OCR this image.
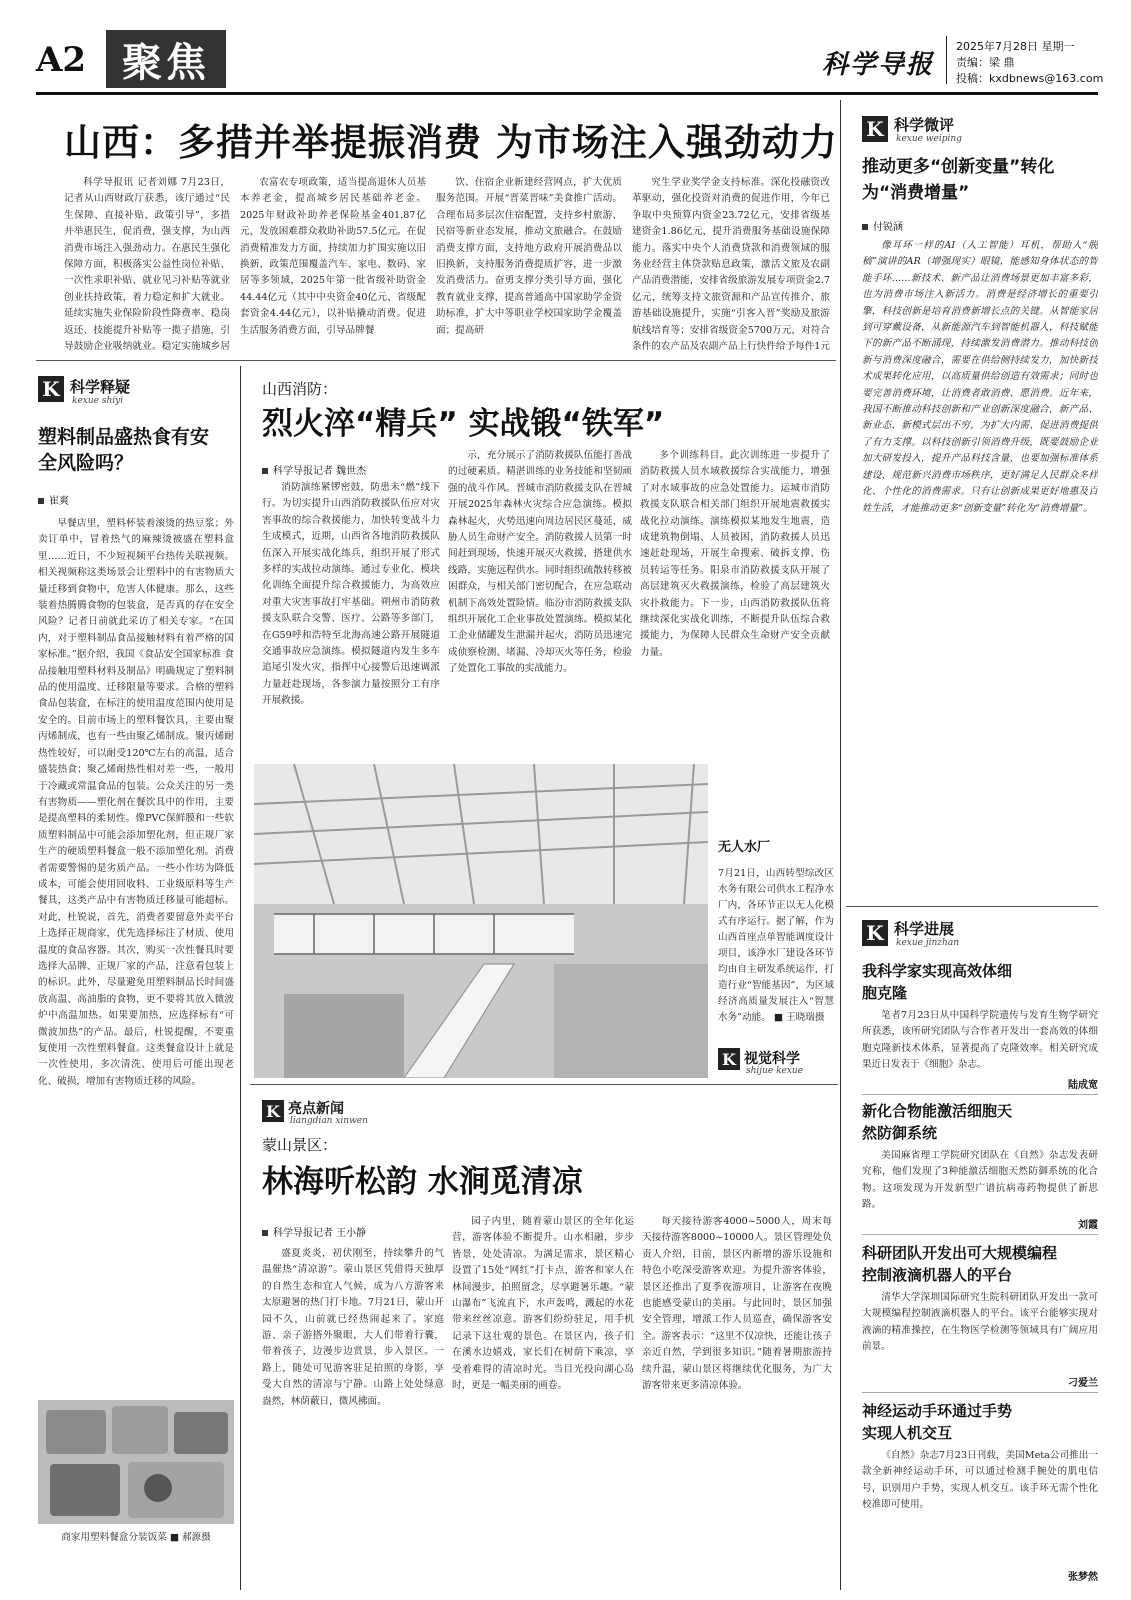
A2 聚焦	科学导报
2025年7月28日 星期一
责编：梁 鼎
投稿：kxdbnews@163.com
山西：多措并举提振消费 为市场注入强劲动力

科学导报讯 记者刘娜 7月23日，记者从山西财政厅获悉，该厅通过“民生保障、直接补贴、政策引导”，多措并举惠民生，促消费，强支撑，为山西消费市场注入强劲动力。在惠民生强化保障方面，积极落实公益性岗位补贴、一次性求职补贴、就业见习补贴等就业创业扶持政策，着力稳定和扩大就业。延续实施失业保险阶段性降费率、稳岗返还、技能提升补贴等一揽子措施，引导鼓励企业吸纳就业。稳定实施城乡居

农富农专项政策，适当提高退休人员基本养老金，提高城乡居民基础养老金。2025年财政补助养老保险基金401.87亿元，发放困难群众救助补助57.5亿元。在促消费精准发力方面，持续加力扩围实施以旧换新，政策范围覆盖汽车、家电、数码、家居等多领域，2025年第一批省级补助资金44.44亿元（其中中央资金40亿元、省级配套资金4.44亿元），以补贴撬动消费。促进生活服务消费方面，引导品牌餐

饮、住宿企业新建经营网点，扩大优质服务范围。开展“晋菜晋味”美食推广活动。合理布局多层次住宿配置，支持乡村旅游、民宿等新业态发展，推动文旅融合。在鼓励消费支撑方面，支持地方政府开展消费品以旧换新，支持服务消费提质扩容，进一步激发消费活力。奋勇支撑分类引导方面，强化教育就业支撑，提高普通高中国家助学金资助标准，扩大中等职业学校国家助学金覆盖面；提高研

究生学业奖学金支持标准。深化投融资改革驱动，强化投资对消费的促进作用，今年已争取中央预算内资金23.72亿元，安排省级基建资金1.86亿元，提升消费服务基础设施保障能力。落实中央个人消费贷款和消费领域的服务业经营主体贷款贴息政策，激活文旅及农副产品消费潜能，安排省级旅游发展专项资金2.7亿元，统筹支持文旅资源和产品宣传推介、旅游基础设施提升，实施“引客入晋”奖励及旅游航线培育等；安排省级资金5700万元，对符合条件的农产品及农副产品上行快件给予每件1元

K 科学释疑
kexue shiyi
塑料制品盛热食有安全风险吗？
崔爽

早餐店里，塑料杯装着滚烫的热豆浆；外卖订单中，冒着热气的麻辣烫被盛在塑料盒里……近日，不少短视频平台热传关联视频。相关视频称这类场景会让塑料中的有害物质大量迁移到食物中，危害人体健康。那么，这些装着热腾腾食物的包装盒，是否真的存在安全风险？记者日前就此采访了相关专家。“在国内，对于塑料制品食品接触材料有着严格的国家标准。”据介绍，我国《食品安全国家标准 食品接触用塑料材料及制品》明确规定了塑料制品的使用温度、迁移限量等要求。合格的塑料食品包装盒，在标注的使用温度范围内使用是安全的。目前市场上的塑料餐饮具，主要由聚丙烯制成，也有一些由聚乙烯制成。聚丙烯耐热性较好，可以耐受120℃左右的高温，适合盛装热食；聚乙烯耐热性相对差一些，一般用于冷藏或常温食品的包装。公众关注的另一类有害物质——塑化剂在餐饮具中的作用，主要是提高塑料的柔韧性。像PVC保鲜膜和一些软质塑料制品中可能会添加塑化剂，但正规厂家生产的硬质塑料餐盒一般不添加塑化剂。消费者需要警惕的是劣质产品。一些小作坊为降低成本，可能会使用回收料、工业级原料等生产餐具，这类产品中有害物质迁移量可能超标。对此，杜锐说，首先，消费者要留意外卖平台上选择正规商家，优先选择标注了材质、使用温度的食品容器。其次，购买一次性餐具时要选择大品牌、正规厂家的产品，注意看包装上的标识。此外，尽量避免用塑料制品长时间盛放高温、高油脂的食物，更不要将其放入微波炉中高温加热。如果要加热，应选择标有“可微波加热”的产品。最后，杜锐提醒，不要重复使用一次性塑料餐盒。这类餐盒设计上就是一次性使用，多次清洗、使用后可能出现老化、破损，增加有害物质迁移的风险。

商家用塑料餐盒分装饭菜 ■ 郝源摄
山西消防：
烈火淬“精兵” 实战锻“铁军”
科学导报记者 魏世杰

消防演练紧锣密鼓，防患未“燃”线下行。为切实提升山西消防救援队伍应对灾害事故的综合救援能力，加快转变战斗力生成模式，近期，山西省各地消防救援队伍深入开展实战化练兵，组织开展了形式多样的实战拉动演练。通过专业化、模块化训练全面提升综合救援能力，为高效应对重大灾害事故打牢基础。朔州市消防救援支队联合交警、医疗、公路等多部门，在G59呼和浩特至北海高速公路开展隧道交通事故应急演练。模拟隧道内发生多车追尾引发火灾，指挥中心接警后迅速调派力量赶赴现场，各参演力量按照分工有序开展救援。

示，充分展示了消防救援队伍能打善战的过硬素质。精湛训练的业务技能和坚韧顽强的战斗作风。晋城市消防救援支队在晋城开展2025年森林火灾综合应急演练。模拟森林起火，火势迅速向周边居民区蔓延，威胁人员生命财产安全。消防救援人员第一时间赶到现场，快速开展灭火救援，搭建供水线路，实施远程供水。同时组织疏散转移被困群众，与相关部门密切配合，在应急联动机制下高效处置险情。临汾市消防救援支队组织开展化工企业事故处置演练。模拟某化工企业储罐发生泄漏并起火，消防员迅速完成侦察检测、堵漏、冷却灭火等任务，检验了处置化工事故的实战能力。

多个训练科目。此次训练进一步提升了消防救援人员水域救援综合实战能力，增强了对水域事故的应急处置能力。运城市消防救援支队联合相关部门组织开展地震救援实战化拉动演练。演练模拟某地发生地震，造成建筑物倒塌、人员被困，消防救援人员迅速赶赴现场，开展生命搜索、破拆支撑、伤员转运等任务。阳泉市消防救援支队开展了高层建筑灭火救援演练，检验了高层建筑火灾扑救能力。下一步，山西消防救援队伍将继续深化实战化训练，不断提升队伍综合救援能力，为保障人民群众生命财产安全贡献力量。

无人水厂
7月21日，山西转型综改区水务有限公司供水工程净水厂内，各环节正以无人化模式有序运行。据了解，作为山西首座点单智能调度设计项目，该净水厂建设各环节均由自主研发系统运作，打造行业“智能基因”，为区域经济高质量发展注入“智慧水务”动能。 ■ 王晓瑞摄
K 视觉科学
shijue kexue
K 亮点新闻
liangdian xinwen
蒙山景区：
林海听松韵 水涧觅清凉
科学导报记者 王小静

盛夏炎炎，初伏刚至，持续攀升的气温催热“清凉游”。蒙山景区凭借得天独厚的自然生态和宜人气候，成为八方游客来太原避暑的热门打卡地。7月21日，蒙山开园不久，山前就已经热闹起来了。家庭游、亲子游搭外聚眼，大人们带着行囊，带着孩子，边漫步边赏景，步入景区。一路上，随处可见游客驻足拍照的身影，享受大自然的清凉与宁静。山路上处处绿意盎然，林荫蔽日，微风拂面。

园子内里，随着蒙山景区的全年化运营，游客体验不断提升。山水相融，步步皆景，处处清凉。为满足需求，景区精心设置了15处“网红”打卡点，游客和家人在林间漫步，拍照留念，尽享避暑乐趣。“蒙山瀑布”飞流直下，水声轰鸣，溅起的水花带来丝丝凉意。游客们纷纷驻足，用手机记录下这壮观的景色。在景区内，孩子们在溪水边嬉戏，家长们在树荫下乘凉，享受着难得的清凉时光。当目光投向湖心岛时，更是一幅美丽的画卷。

每天接待游客4000~5000人，周末每天接待游客8000~10000人。景区管理处负责人介绍，目前，景区内新增的游乐设施和特色小吃深受游客欢迎。为提升游客体验，景区还推出了夏季夜游项目，让游客在夜晚也能感受蒙山的美丽。与此同时，景区加强安全管理，增派工作人员巡查，确保游客安全。游客表示：“这里不仅凉快，还能让孩子亲近自然，学到很多知识。”随着暑期旅游持续升温，蒙山景区将继续优化服务，为广大游客带来更多清凉体验。

K 科学微评
kexue weiping
推动更多“创新变量”转化为“消费增量”
付锐涵

像耳环一样的AI（人工智能）耳机，帮助人“脱稿”演讲的AR（增强现实）眼镜，能感知身体状态的智能手环……新技术、新产品让消费场景更加丰富多彩，也为消费市场注入新活力。消费是经济增长的重要引擎，科技创新是培育消费新增长点的关键。从智能家居到可穿戴设备，从新能源汽车到智能机器人，科技赋能下的新产品不断涌现，持续激发消费潜力。推动科技创新与消费深度融合，需要在供给侧持续发力，加快新技术成果转化应用，以高质量供给创造有效需求；同时也要完善消费环境，让消费者敢消费、愿消费。近年来，我国不断推动科技创新和产业创新深度融合，新产品、新业态、新模式层出不穷，为扩大内需、促进消费提供了有力支撑。以科技创新引领消费升级，既要鼓励企业加大研发投入，提升产品科技含量，也要加强标准体系建设，规范新兴消费市场秩序，更好满足人民群众多样化、个性化的消费需求。只有让创新成果更好地惠及百姓生活，才能推动更多“创新变量”转化为“消费增量”。

K 科学进展
kexue jinzhan
我科学家实现高效体细胞克隆

笔者7月23日从中国科学院遗传与发育生物学研究所获悉，该所研究团队与合作者开发出一套高效的体细胞克隆新技术体系，显著提高了克隆效率。相关研究成果近日发表于《细胞》杂志。

陆成宽
新化合物能激活细胞天然防御系统

美国麻省理工学院研究团队在《自然》杂志发表研究称，他们发现了3种能激活细胞天然防御系统的化合物。这项发现为开发新型广谱抗病毒药物提供了新思路。

刘霞
科研团队开发出可大规模编程控制液滴机器人的平台

清华大学深圳国际研究生院科研团队开发出一款可大规模编程控制液滴机器人的平台。该平台能够实现对液滴的精准操控，在生物医学检测等领域具有广阔应用前景。

刁爱兰
神经运动手环通过手势实现人机交互

《自然》杂志7月23日刊载，美国Meta公司推出一款全新神经运动手环，可以通过检测手腕处的肌电信号，识别用户手势，实现人机交互。该手环无需个性化校准即可使用。

张梦然
